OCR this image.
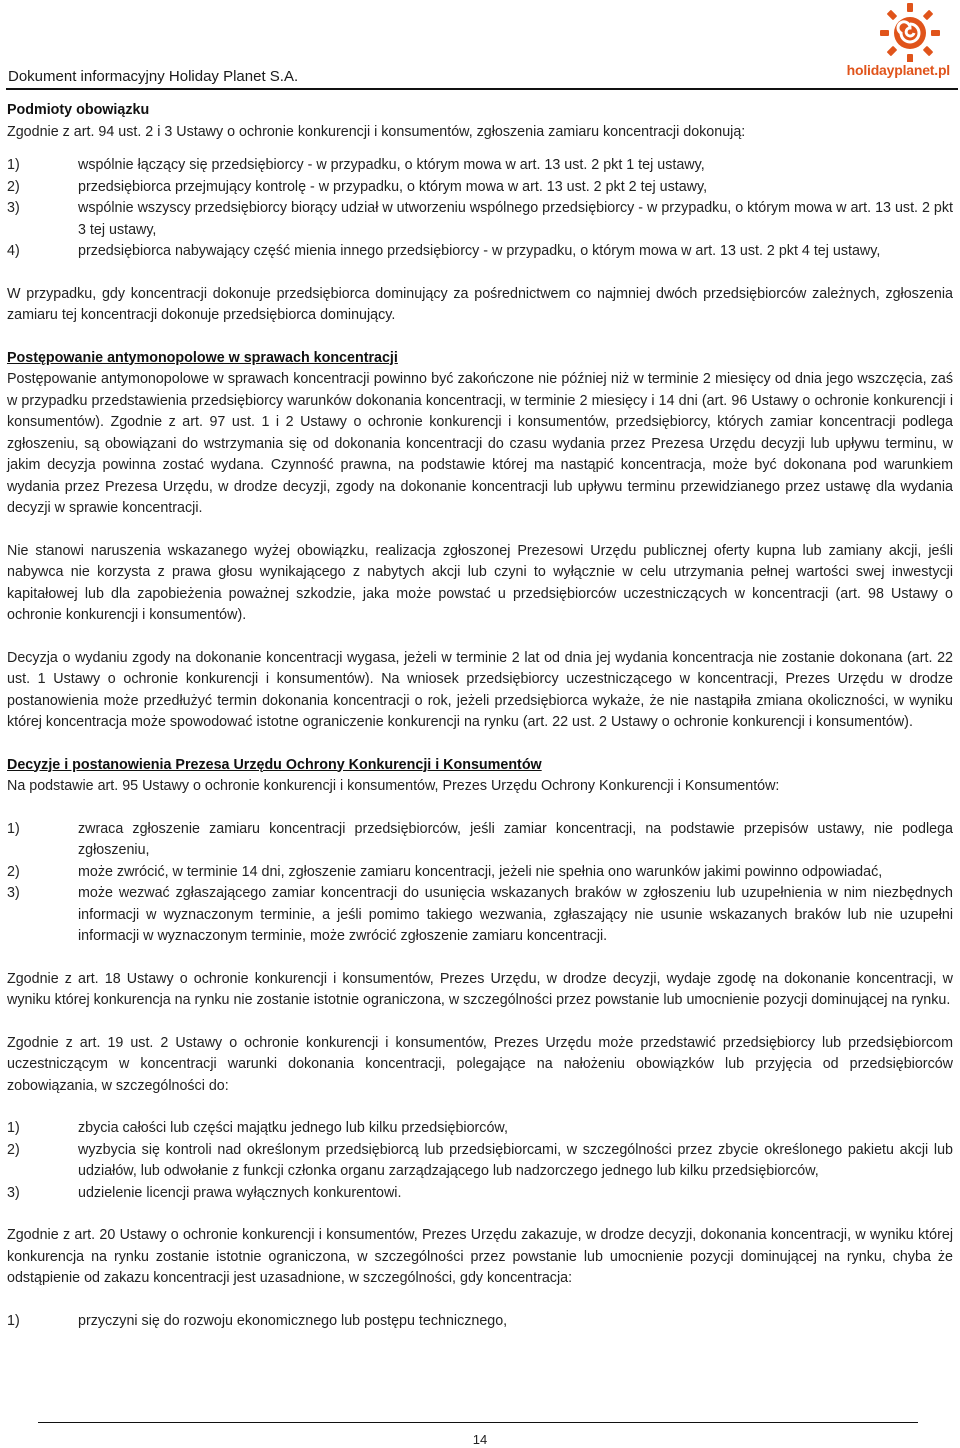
Dokument informacyjny Holiday Planet S.A.	holidayplanet.pl

Podmioty obowiązku

Zgodnie z art. 94 ust. 2 i 3 Ustawy o ochronie konkurencji i konsumentów, zgłoszenia zamiaru koncentracji dokonują:

1)	wspólnie łączący się przedsiębiorcy - w przypadku, o którym mowa w art. 13 ust. 2 pkt 1 tej ustawy,
2)	przedsiębiorca przejmujący kontrolę - w przypadku, o którym mowa w art. 13 ust. 2 pkt 2 tej ustawy,
3)	wspólnie wszyscy przedsiębiorcy biorący udział w utworzeniu wspólnego przedsiębiorcy - w przypadku, o którym mowa w art. 13 ust. 2 pkt 3 tej ustawy,
4)	przedsiębiorca nabywający część mienia innego przedsiębiorcy - w przypadku, o którym mowa w art. 13 ust. 2 pkt 4 tej ustawy,

W przypadku, gdy koncentracji dokonuje przedsiębiorca dominujący za pośrednictwem co najmniej dwóch przedsiębiorców zależnych, zgłoszenia zamiaru tej koncentracji dokonuje przedsiębiorca dominujący.

Postępowanie antymonopolowe w sprawach koncentracji

Postępowanie antymonopolowe w sprawach koncentracji powinno być zakończone nie później niż w terminie 2 miesięcy od dnia jego wszczęcia, zaś w przypadku przedstawienia przedsiębiorcy warunków dokonania koncentracji, w terminie 2 miesięcy i 14 dni (art. 96 Ustawy o ochronie konkurencji i konsumentów). Zgodnie z art. 97 ust. 1 i 2 Ustawy o ochronie konkurencji i konsumentów, przedsiębiorcy, których zamiar koncentracji podlega zgłoszeniu, są obowiązani do wstrzymania się od dokonania koncentracji do czasu wydania przez Prezesa Urzędu decyzji lub upływu terminu, w jakim decyzja powinna zostać wydana. Czynność prawna, na podstawie której ma nastąpić koncentracja, może być dokonana pod warunkiem wydania przez Prezesa Urzędu, w drodze decyzji, zgody na dokonanie koncentracji lub upływu terminu przewidzianego przez ustawę dla wydania decyzji w sprawie koncentracji.

Nie stanowi naruszenia wskazanego wyżej obowiązku, realizacja zgłoszonej Prezesowi Urzędu publicznej oferty kupna lub zamiany akcji, jeśli nabywca nie korzysta z prawa głosu wynikającego z nabytych akcji lub czyni to wyłącznie w celu utrzymania pełnej wartości swej inwestycji kapitałowej lub dla zapobieżenia poważnej szkodzie, jaka może powstać u przedsiębiorców uczestniczących w koncentracji (art. 98 Ustawy o ochronie konkurencji i konsumentów).

Decyzja o wydaniu zgody na dokonanie koncentracji wygasa, jeżeli w terminie 2 lat od dnia jej wydania koncentracja nie zostanie dokonana (art. 22 ust. 1 Ustawy o ochronie konkurencji i konsumentów). Na wniosek przedsiębiorcy uczestniczącego w koncentracji, Prezes Urzędu w drodze postanowienia może przedłużyć termin dokonania koncentracji o rok, jeżeli przedsiębiorca wykaże, że nie nastąpiła zmiana okoliczności, w wyniku której koncentracja może spowodować istotne ograniczenie konkurencji na rynku (art. 22 ust. 2 Ustawy o ochronie konkurencji i konsumentów).

Decyzje i postanowienia Prezesa Urzędu Ochrony Konkurencji i Konsumentów

Na podstawie art. 95 Ustawy o ochronie konkurencji i konsumentów, Prezes Urzędu Ochrony Konkurencji i Konsumentów:

1)	zwraca zgłoszenie zamiaru koncentracji przedsiębiorców, jeśli zamiar koncentracji, na podstawie przepisów ustawy, nie podlega zgłoszeniu,
2)	może zwrócić, w terminie 14 dni, zgłoszenie zamiaru koncentracji, jeżeli nie spełnia ono warunków jakimi powinno odpowiadać,
3)	może wezwać zgłaszającego zamiar koncentracji do usunięcia wskazanych braków w zgłoszeniu lub uzupełnienia w nim niezbędnych informacji w wyznaczonym terminie, a jeśli pomimo takiego wezwania, zgłaszający nie usunie wskazanych braków lub nie uzupełni informacji w wyznaczonym terminie, może zwrócić zgłoszenie zamiaru koncentracji.

Zgodnie z art. 18 Ustawy o ochronie konkurencji i konsumentów, Prezes Urzędu, w drodze decyzji, wydaje zgodę na dokonanie koncentracji, w wyniku której konkurencja na rynku nie zostanie istotnie ograniczona, w szczególności przez powstanie lub umocnienie pozycji dominującej na rynku.

Zgodnie z art. 19 ust. 2 Ustawy o ochronie konkurencji i konsumentów, Prezes Urzędu może przedstawić przedsiębiorcy lub przedsiębiorcom uczestniczącym w koncentracji warunki dokonania koncentracji, polegające na nałożeniu obowiązków lub przyjęcia od przedsiębiorców zobowiązania, w szczególności do:

1)	zbycia całości lub części majątku jednego lub kilku przedsiębiorców,
2)	wyzbycia się kontroli nad określonym przedsiębiorcą lub przedsiębiorcami, w szczególności przez zbycie określonego pakietu akcji lub udziałów, lub odwołanie z funkcji członka organu zarządzającego lub nadzorczego jednego lub kilku przedsiębiorców,
3)	udzielenie licencji prawa wyłącznych konkurentowi.

Zgodnie z art. 20 Ustawy o ochronie konkurencji i konsumentów, Prezes Urzędu zakazuje, w drodze decyzji, dokonania koncentracji, w wyniku której konkurencja na rynku zostanie istotnie ograniczona, w szczególności przez powstanie lub umocnienie pozycji dominującej na rynku, chyba że odstąpienie od zakazu koncentracji jest uzasadnione, w szczególności, gdy koncentracja:

1)	przyczyni się do rozwoju ekonomicznego lub postępu technicznego,
14
